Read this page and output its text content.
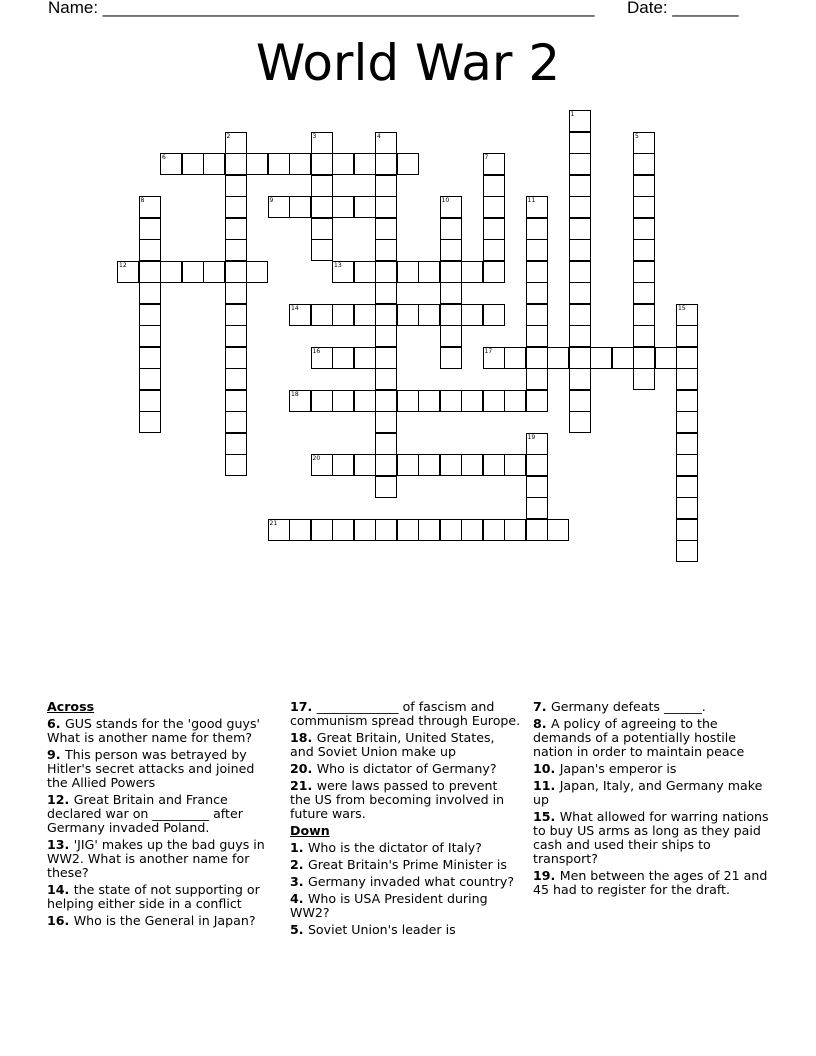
Name: ____________________________________________________ Date: _______
World War 2
1
2	3	4	5
6	7
8	9	10	11
12	13
14	15
16	17
18
19
20
21
Across
6. GUS stands for the 'good guys' What is another name for them?
9. This person was betrayed by Hitler's secret attacks and joined the Allied Powers
12. Great Britain and France declared war on _________ after Germany invaded Poland.
13. 'JIG' makes up the bad guys in WW2. What is another name for these?
14. the state of not supporting or helping either side in a conflict
16. Who is the General in Japan?
17. _____________ of fascism and communism spread through Europe.
18. Great Britain, United States, and Soviet Union make up
20. Who is dictator of Germany?
21. were laws passed to prevent the US from becoming involved in future wars.
Down
1. Who is the dictator of Italy?
2. Great Britain's Prime Minister is
3. Germany invaded what country?
4. Who is USA President during WW2?
5. Soviet Union's leader is
7. Germany defeats ______.
8. A policy of agreeing to the demands of a potentially hostile nation in order to maintain peace
10. Japan's emperor is
11. Japan, Italy, and Germany make up
15. What allowed for warring nations to buy US arms as long as they paid cash and used their ships to transport?
19. Men between the ages of 21 and 45 had to register for the draft.
